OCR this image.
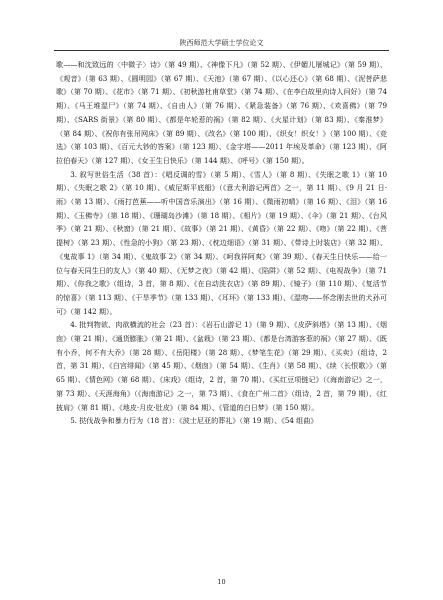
陕西师范大学硕士学位论文

歌——和沈致远的〈中微子〉诗》（第 49 期）、《神像下凡》（第 52 期）、《伊媚儿屠城记》（第 59 期）、《观音》（第 63 期）、《圆明园》（第 67 期）、《天池》（第 67 期）、《以心还心》（第 68 期）、《泥菩萨悲歌》（第 70 期）、《花市》（第 71 期）、《初秋游杜甫草堂》（第 74 期）、《在李白故里向诗人问好》（第 74 期）、《马王堆湿尸》（第 74 期）、《自由人》（第 76 期）、《紧急装备》（第 76 期）、《欢喜佛》（第 79 期）、《SARS 街景》（第 80 期）、《都是年轮惹的祸》（第 82 期）、《火星计划》（第 83 期）、《秦淮梦》（第 84 期）、《祝你有张吊网床》（第 89 期）、《改名》（第 100 期）、《织女！织女！》（第 100 期）、《竞选》（第 103 期）、《百元大钞的答案》（第 123 期）、《金字塔——2011 年埃及革命》（第 123 期）、《阿拉伯春天》（第 127 期）、《女王生日快乐》（第 144 期）、《呼号》（第 150 期）。

3. 叙写世俗生活（38 首）：《唱反调的雪》（第 5 期）、《雪人》（第 8 期）、《失眠之歌 1》（第 10 期）、《失眠之歌 2》（第 10 期）、《威尼斯平底船》（《意大利游记两首》之一，第 11 期）、《9 月 21 日·雨》（第 13 期）、《雨打芭蕉——听中国音乐演出》（第 16 期）、《微雨初晴》（第 16 期）、《泪》（第 16 期）、《玉佛寺》（第 18 期）、《珊瑚岛沙滩》（第 18 期）、《相片》（第 19 期）、《伞》（第 21 期）、《台风季》（第 21 期）、《秋窗》（第 21 期）、《故事》（第 21 期）、《黄昏》（第 22 期）、《吻》（第 22 期）、《菩提树》（第 23 期）、《性急的小狗》（第 23 期）、《枕边细语》（第 31 期）、《带诗上时装店》（第 32 期）、《鬼故事 1》（第 34 期）、《鬼故事 2》（第 34 期）、《呵我祥阿爽》（第 39 期）、《春天生日快乐——给一位与春天同生日的友人》（第 40 期）、《无梦之夜》（第 42 期）、《陷阱》（第 52 期）、《电视战争》（第 71 期）、《你我之歌》（组诗，3 首，第 8 期）、《在自动洗衣店》（第 89 期）、《镜子》（第 110 期）、《复活节的惊喜》（第 113 期）、《干旱季节》（第 133 期）、《耳环》（第 133 期）、《湿吻——怀念刚去世的犬孙可可》（第 142 期）。

4. 批判物欲、肉欲横流的社会（23 首）：《岩石山游记 1》（第 9 期）、《皮萨斜塔》（第 13 期）、《烟囱》（第 21 期）、《通货膨胀》（第 21 期）、《盆栽》（第 23 期）、《都是台湾游客惹的祸》（第 27 期）、《既有小乔，何不有大乔》（第 28 期）、《岳阳楼》（第 28 期）、《梦笔生花》（第 29 期）、《买卖》（组诗，2 首，第 31 期）、《白宫绯闻》（第 45 期）、《烟囱》（第 54 期）、《生肖》（第 58 期）、《续〈长恨歌〉》（第 65 期）、《情色网》（第 68 期）、《床戏》（组诗，2 首，第 70 期）、《买红豆项链记》（《海南游记》之一，第 73 期）、《天涯海角》（《海南游记》之一，第 73 期）、《食在广州二首》（组诗，2 首，第 79 期）、《红披肩》（第 81 期）、《地皮·月皮·肚皮》（第 84 期）、《管道的白日梦》（第 150 期）。

5. 挞伐战争和暴力行为（18 首）：《波士尼亚的葬礼》（第 19 期）、《54 组曲》

10
